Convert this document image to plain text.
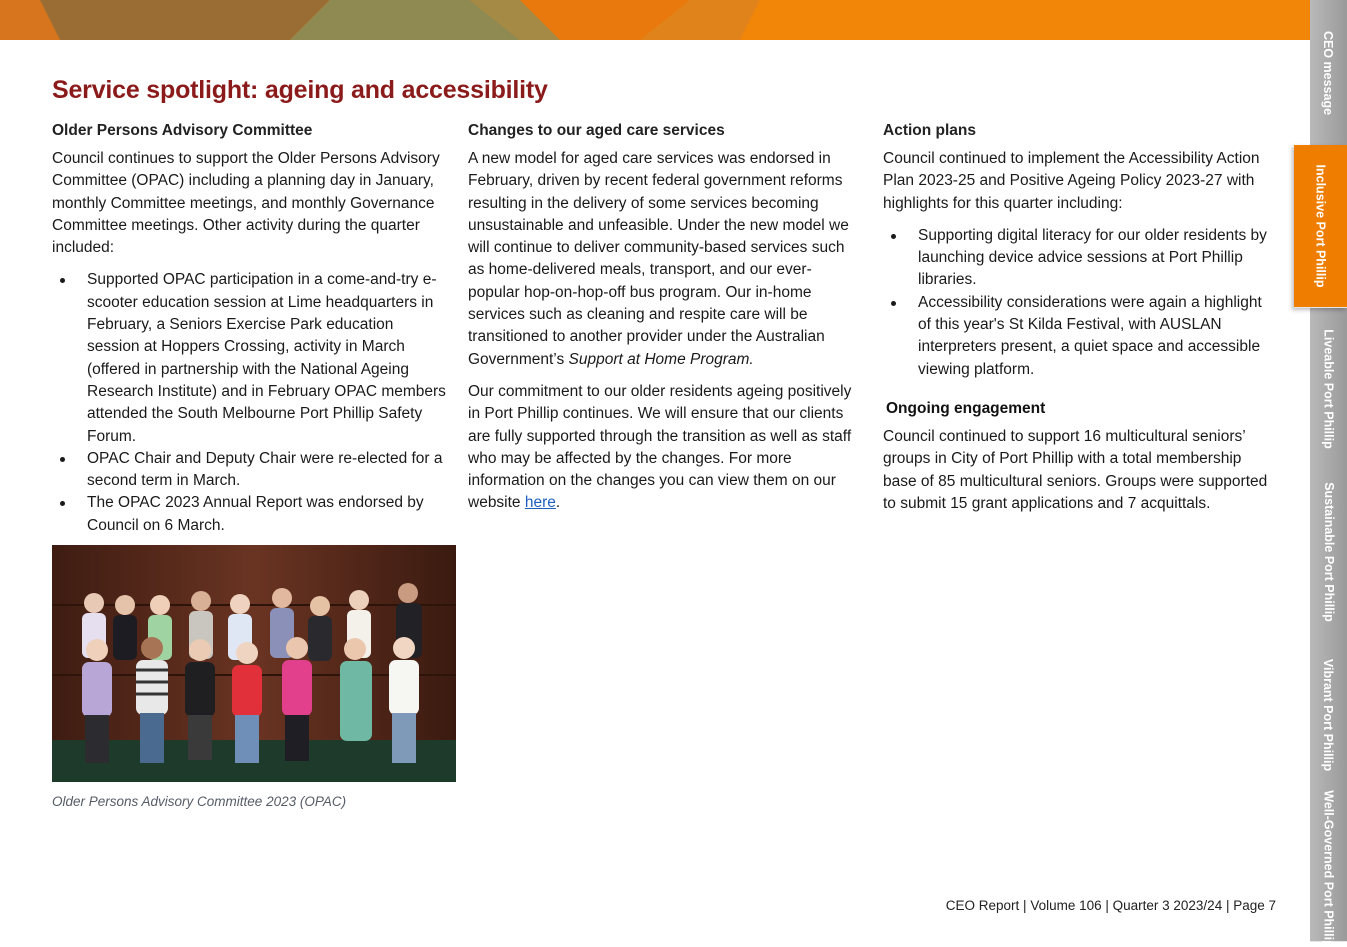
Service spotlight: ageing and accessibility
Older Persons Advisory Committee

Council continues to support the Older Persons Advisory Committee (OPAC) including a planning day in January, monthly Committee meetings, and monthly Governance Committee meetings. Other activity during the quarter included:

Supported OPAC participation in a come-and-try e-scooter education session at Lime headquarters in February, a Seniors Exercise Park education session at Hoppers Crossing, activity in March (offered in partnership with the National Ageing Research Institute) and in February OPAC members attended the South Melbourne Port Phillip Safety Forum.
OPAC Chair and Deputy Chair were re-elected for a second term in March.
The OPAC 2023 Annual Report was endorsed by Council on 6 March.

Older Persons Advisory Committee 2023 (OPAC)

Changes to our aged care services

A new model for aged care services was endorsed in February, driven by recent federal government reforms resulting in the delivery of some services becoming unsustainable and unfeasible. Under the new model we will continue to deliver community-based services such as home-delivered meals, transport, and our ever-popular hop-on-hop-off bus program. Our in-home services such as cleaning and respite care will be transitioned to another provider under the Australian Government’s Support at Home Program.

Our commitment to our older residents ageing positively in Port Phillip continues. We will ensure that our clients are fully supported through the transition as well as staff who may be affected by the changes. For more information on the changes you can view them on our website here.

Action plans

Council continued to implement the Accessibility Action Plan 2023-25 and Positive Ageing Policy 2023-27 with highlights for this quarter including:

Supporting digital literacy for our older residents by launching device advice sessions at Port Phillip libraries.
Accessibility considerations were again a highlight of this year's St Kilda Festival, with AUSLAN interpreters present, a quiet space and accessible viewing platform.
Ongoing engagement

Council continued to support 16 multicultural seniors’ groups in City of Port Phillip with a total membership base of 85 multicultural seniors. Groups were supported to submit 15 grant applications and 7 acquittals.

CEO Report | Volume 106 | Quarter 3 2023/24 | Page 7

CEO message
Inclusive Port Phillip
Liveable Port Phillip
Sustainable Port Phillip
Vibrant Port Phillip
Well-Governed Port Phillip
